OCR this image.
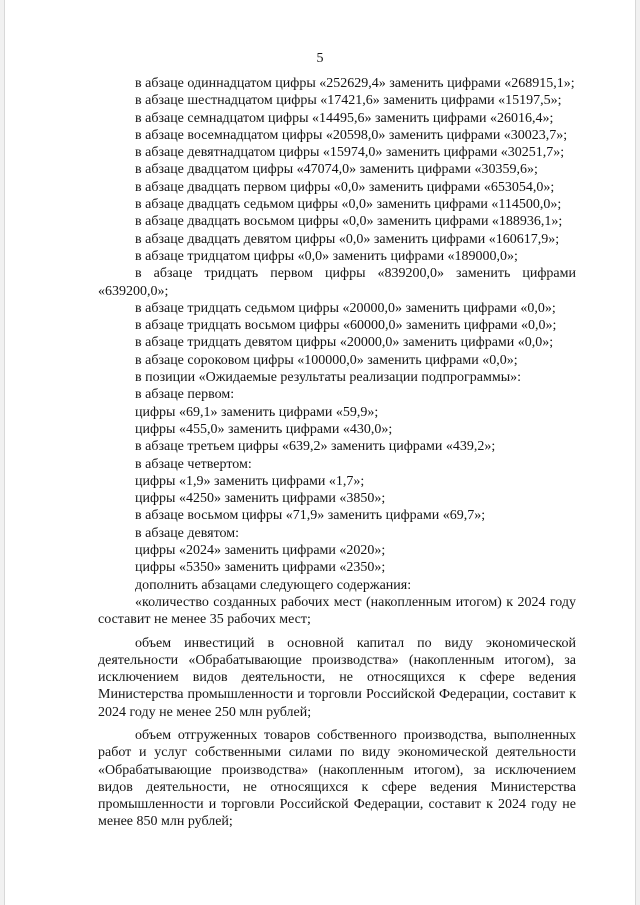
5

в абзаце одиннадцатом цифры «252629,4» заменить цифрами «268915,1»;

в абзаце шестнадцатом цифры «17421,6» заменить цифрами «15197,5»;

в абзаце семнадцатом цифры «14495,6» заменить цифрами «26016,4»;

в абзаце восемнадцатом цифры «20598,0» заменить цифрами «30023,7»;

в абзаце девятнадцатом цифры «15974,0» заменить цифрами «30251,7»;

в абзаце двадцатом цифры «47074,0» заменить цифрами «30359,6»;

в абзаце двадцать первом цифры «0,0» заменить цифрами «653054,0»;

в абзаце двадцать седьмом цифры «0,0» заменить цифрами «114500,0»;

в абзаце двадцать восьмом цифры «0,0» заменить цифрами «188936,1»;

в абзаце двадцать девятом цифры «0,0» заменить цифрами «160617,9»;

в абзаце тридцатом цифры «0,0» заменить цифрами «189000,0»;

в абзаце тридцать первом цифры «839200,0» заменить цифрами «639200,0»;

в абзаце тридцать седьмом цифры «20000,0» заменить цифрами «0,0»;

в абзаце тридцать восьмом цифры «60000,0» заменить цифрами «0,0»;

в абзаце тридцать девятом цифры «20000,0» заменить цифрами «0,0»;

в абзаце сороковом цифры «100000,0» заменить цифрами «0,0»;

в позиции «Ожидаемые результаты реализации подпрограммы»:

в абзаце первом:

цифры «69,1» заменить цифрами «59,9»;

цифры «455,0» заменить цифрами «430,0»;

в абзаце третьем цифры «639,2» заменить цифрами «439,2»;

в абзаце четвертом:

цифры «1,9» заменить цифрами «1,7»;

цифры «4250» заменить цифрами «3850»;

в абзаце восьмом цифры «71,9» заменить цифрами «69,7»;

в абзаце девятом:

цифры «2024» заменить цифрами «2020»;

цифры «5350» заменить цифрами «2350»;

дополнить абзацами следующего содержания:

«количество созданных рабочих мест (накопленным итогом) к 2024 году составит не менее 35 рабочих мест;

объем инвестиций в основной капитал по виду экономической деятельности «Обрабатывающие производства» (накопленным итогом), за исключением видов деятельности, не относящихся к сфере ведения Министерства промышленности и торговли Российской Федерации, составит к 2024 году не менее 250 млн рублей;

объем отгруженных товаров собственного производства, выполненных работ и услуг собственными силами по виду экономической деятельности «Обрабатывающие производства» (накопленным итогом), за исключением видов деятельности, не относящихся к сфере ведения Министерства промышленности и торговли Российской Федерации, составит к 2024 году не менее 850 млн рублей;
